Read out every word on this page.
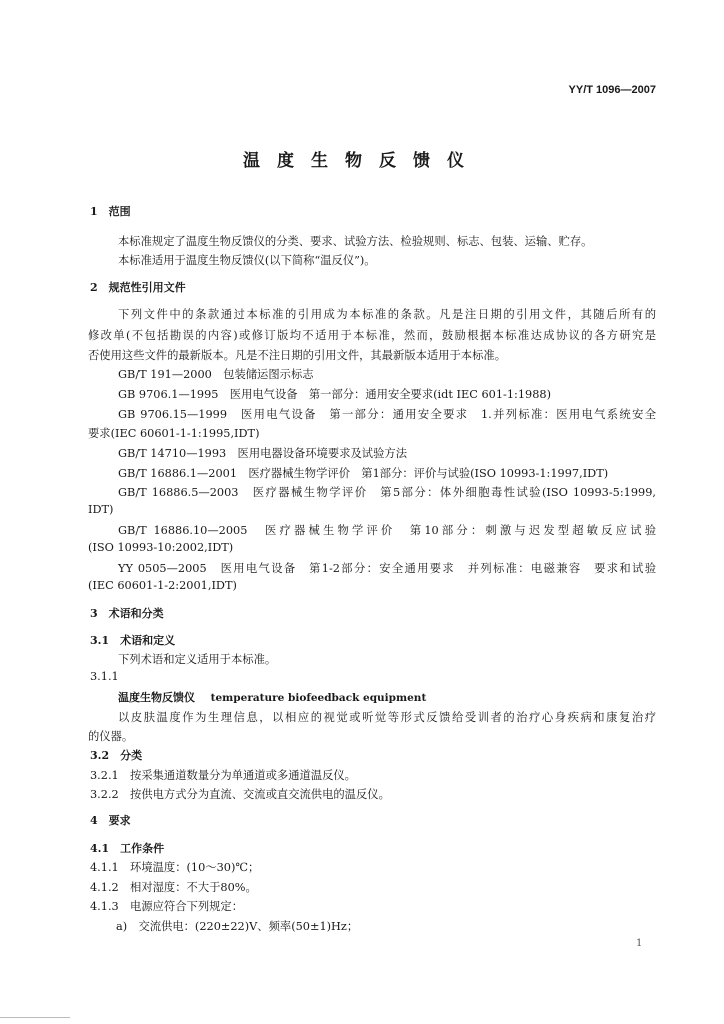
YY/T 1096—2007
温度生物反馈仪
1　范围
本标准规定了温度生物反馈仪的分类、要求、试验方法、检验规则、标志、包装、运输、贮存。
本标准适用于温度生物反馈仪(以下简称“温反仪”)。
2　规范性引用文件
下列文件中的条款通过本标准的引用成为本标准的条款。凡是注日期的引用文件，其随后所有的
修改单(不包括勘误的内容)或修订版均不适用于本标准，然而，鼓励根据本标准达成协议的各方研究是
否使用这些文件的最新版本。凡是不注日期的引用文件，其最新版本适用于本标准。
GB/T 191—2000　包装储运图示标志
GB 9706.1—1995　医用电气设备　第一部分：通用安全要求(idt IEC 601-1:1988)
GB 9706.15—1999　医用电气设备　第一部分：通用安全要求　1.并列标准：医用电气系统安全
要求(IEC 60601-1-1:1995,IDT)
GB/T 14710—1993　医用电器设备环境要求及试验方法
GB/T 16886.1—2001　医疗器械生物学评价　第1部分：评价与试验(ISO 10993-1:1997,IDT)
GB/T 16886.5—2003　医疗器械生物学评价　第5部分：体外细胞毒性试验(ISO 10993-5:1999,
IDT)
GB/T 16886.10—2005　医疗器械生物学评价　第10部分：刺激与迟发型超敏反应试验
(ISO 10993-10:2002,IDT)
YY 0505—2005　医用电气设备　第1-2部分：安全通用要求　并列标准：电磁兼容　要求和试验
(IEC 60601-1-2:2001,IDT)
3　术语和分类
3.1　术语和定义
下列术语和定义适用于本标准。
3.1.1
温度生物反馈仪 temperature biofeedback equipment
以皮肤温度作为生理信息，以相应的视觉或听觉等形式反馈给受训者的治疗心身疾病和康复治疗
的仪器。
3.2　分类
3.2.1　按采集通道数量分为单通道或多通道温反仪。
3.2.2　按供电方式分为直流、交流或直交流供电的温反仪。
4　要求
4.1　工作条件
4.1.1　环境温度：(10～30)℃；
4.1.2　相对湿度：不大于80%。
4.1.3　电源应符合下列规定：
a)　交流供电：(220±22)V、频率(50±1)Hz；
1
